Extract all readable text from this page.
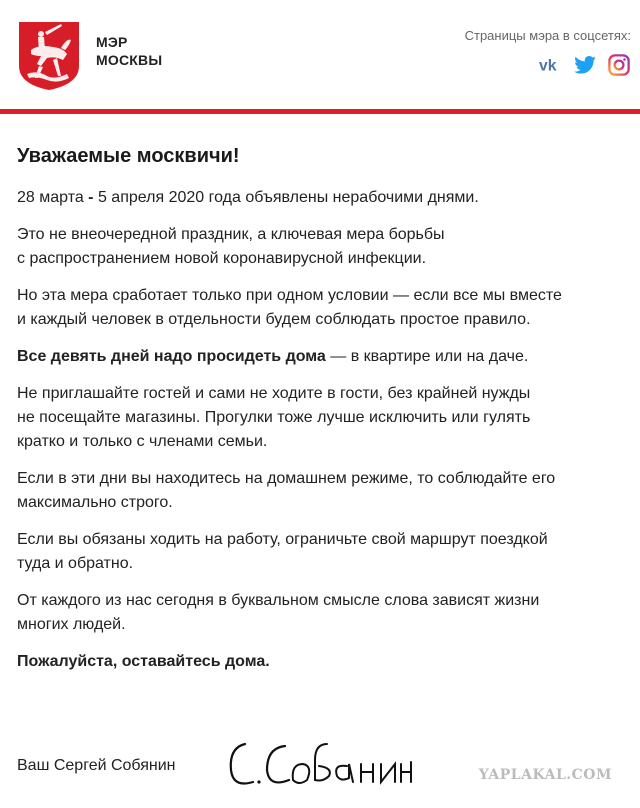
МЭР
МОСКВЫ
Страницы мэра в соцсетях:
vk
Уважаемые москвичи!

28 марта - 5 апреля 2020 года объявлены нерабочими днями.

Это не внеочередной праздник, а ключевая мера борьбы
с распространением новой коронавирусной инфекции.

Но эта мера сработает только при одном условии — если все мы вместе
и каждый человек в отдельности будем соблюдать простое правило.

Все девять дней надо просидеть дома — в квартире или на даче.

Не приглашайте гостей и сами не ходите в гости, без крайней нужды
не посещайте магазины. Прогулки тоже лучше исключить или гулять
кратко и только с членами семьи.

Если в эти дни вы находитесь на домашнем режиме, то соблюдайте его
максимально строго.

Если вы обязаны ходить на работу, ограничьте свой маршрут поездкой
туда и обратно.

От каждого из нас сегодня в буквальном смысле слова зависят жизни
многих людей.

Пожалуйста, оставайтесь дома.

Ваш Сергей Собянин
YAPLAKAL.COM
